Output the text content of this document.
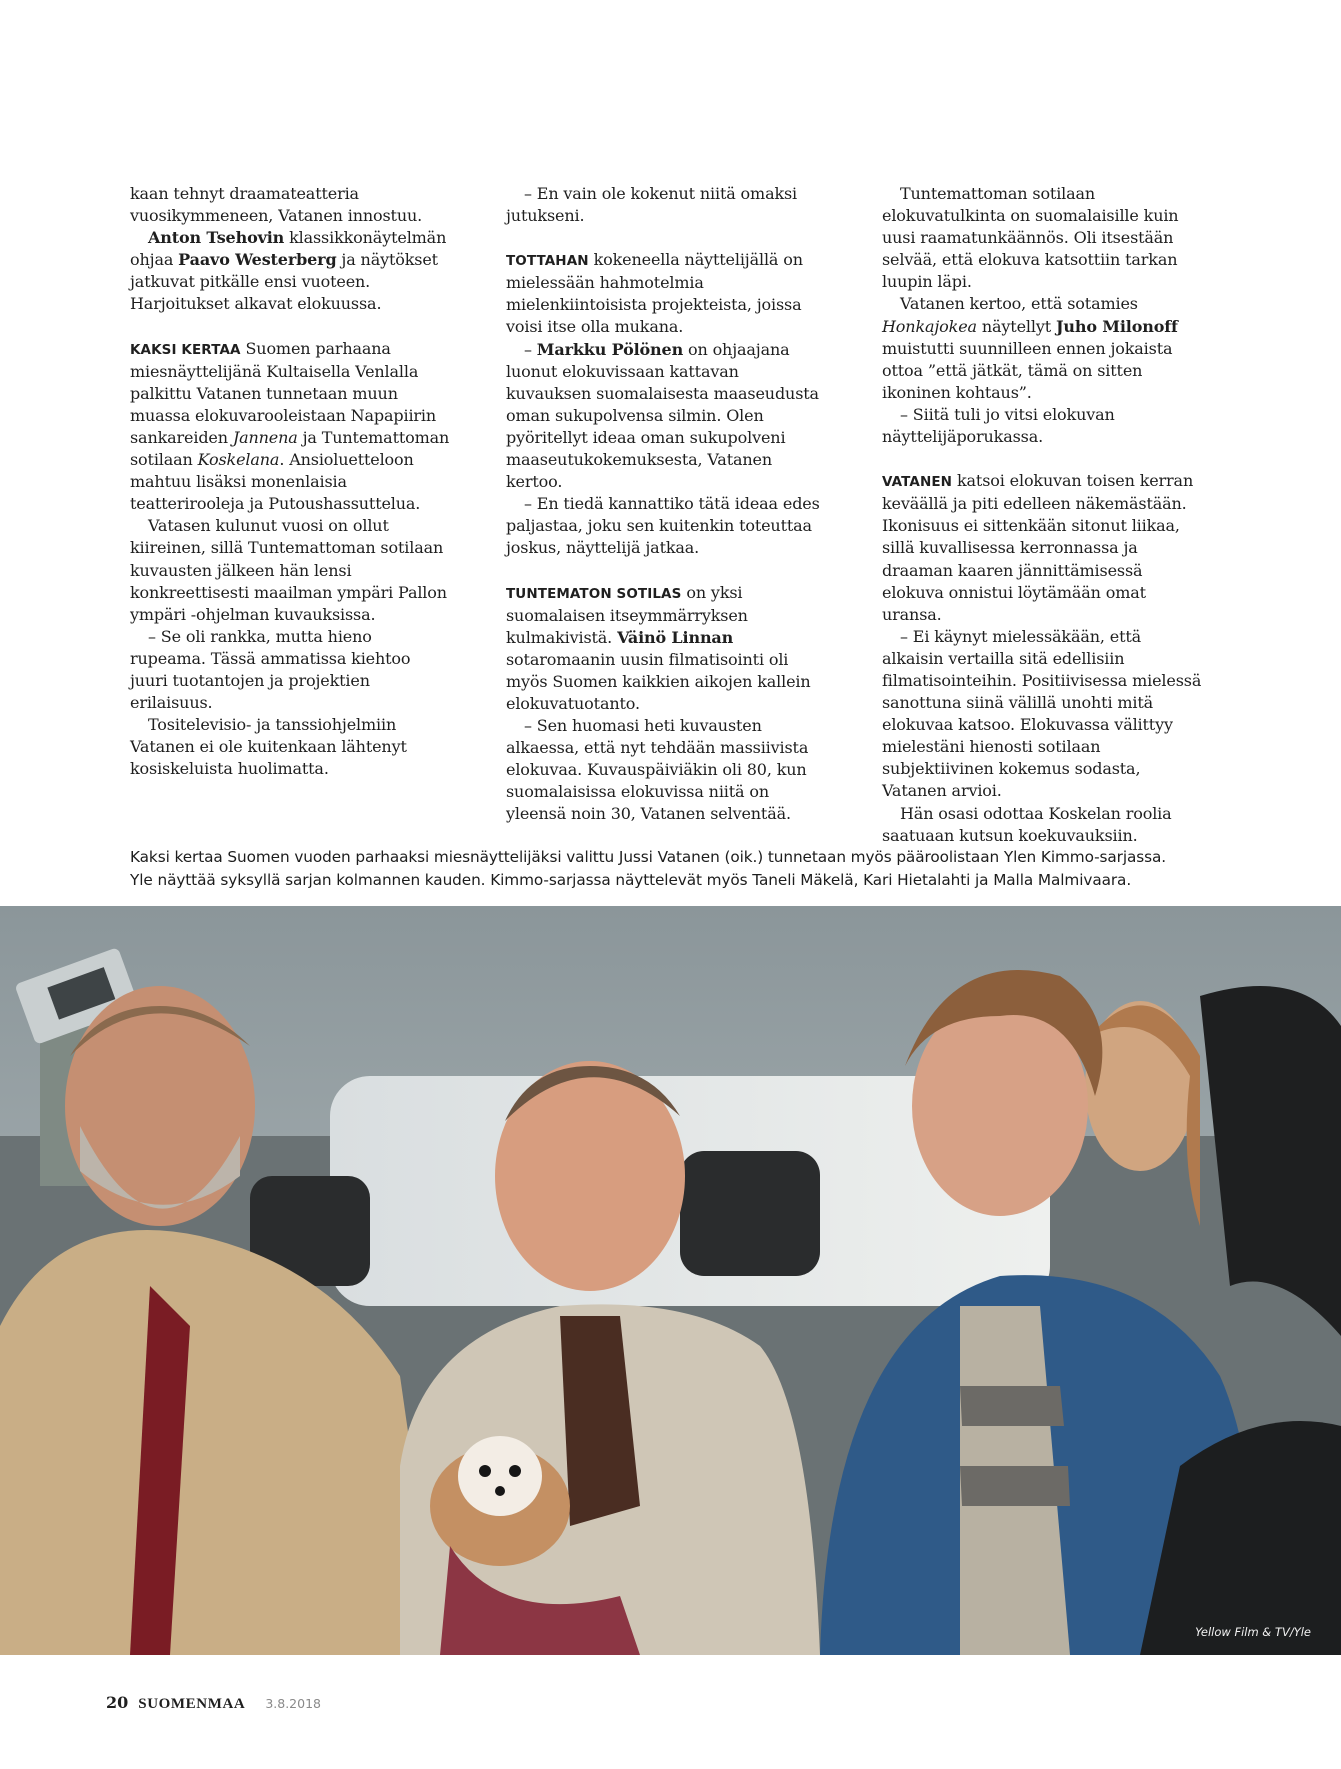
kaan tehnyt draamateatteria vuosikymmeneen, Vatanen innostuu.

Anton Tsehovin klassikkonäytelmän ohjaa Paavo Westerberg ja näytökset jatkuvat pitkälle ensi vuoteen. Harjoitukset alkavat elokuussa.

KAKSI KERTAA Suomen parhaana miesnäyttelijänä Kultaisella Venlalla palkittu Vatanen tunnetaan muun muassa elokuvarooleistaan Napapiirin sankareiden Jannena ja Tuntemattoman sotilaan Koskelana. Ansioluetteloon mahtuu lisäksi monenlaisia teatterirooleja ja Putoushassuttelua.

Vatasen kulunut vuosi on ollut kiireinen, sillä Tuntemattoman sotilaan kuvausten jälkeen hän lensi konkreettisesti maailman ympäri Pallon ympäri -ohjelman kuvauksissa.

– Se oli rankka, mutta hieno rupeama. Tässä ammatissa kiehtoo juuri tuotantojen ja projektien erilaisuus.

Tositelevisio- ja tanssiohjelmiin Vatanen ei ole kuitenkaan lähtenyt kosiskeluista huolimatta.

– En vain ole kokenut niitä omaksi jutukseni.

TOTTAHAN kokeneella näyttelijällä on mielessään hahmotelmia mielenkiintoisista projekteista, joissa voisi itse olla mukana.

– Markku Pölönen on ohjaajana luonut elokuvissaan kattavan kuvauksen suomalaisesta maaseudusta oman sukupolvensa silmin. Olen pyöritellyt ideaa oman sukupolveni maaseutukokemuksesta, Vatanen kertoo.

– En tiedä kannattiko tätä ideaa edes paljastaa, joku sen kuitenkin toteuttaa joskus, näyttelijä jatkaa.

TUNTEMATON SOTILAS on yksi suomalaisen itseymmärryksen kulmakivistä. Väinö Linnan sotaromaanin uusin filmatisointi oli myös Suomen kaikkien aikojen kallein elokuvatuotanto.

– Sen huomasi heti kuvausten alkaessa, että nyt tehdään massiivista elokuvaa. Kuvauspäiviäkin oli 80, kun suomalaisissa elokuvissa niitä on yleensä noin 30, Vatanen selventää.

Tuntemattoman sotilaan elokuvatulkinta on suomalaisille kuin uusi raamatunkäännös. Oli itsestään selvää, että elokuva katsottiin tarkan luupin läpi.

Vatanen kertoo, että sotamies Honkajokea näytellyt Juho Milonoff muistutti suunnilleen ennen jokaista ottoa ”että jätkät, tämä on sitten ikoninen kohtaus”.

– Siitä tuli jo vitsi elokuvan näyttelijäporukassa.

VATANEN katsoi elokuvan toisen kerran keväällä ja piti edelleen näkemästään. Ikonisuus ei sittenkään sitonut liikaa, sillä kuvallisessa kerronnassa ja draaman kaaren jännittämisessä elokuva onnistui löytämään omat uransa.

– Ei käynyt mielessäkään, että alkaisin vertailla sitä edellisiin filmatisointeihin. Positiivisessa mielessä sanottuna siinä välillä unohti mitä elokuvaa katsoo. Elokuvassa välittyy mielestäni hienosti sotilaan subjektiivinen kokemus sodasta, Vatanen arvioi.

Hän osasi odottaa Koskelan roolia saatuaan kutsun koekuvauksiin.

Kaksi kertaa Suomen vuoden parhaaksi miesnäyttelijäksi valittu Jussi Vatanen (oik.) tunnetaan myös pääroolistaan Ylen Kimmo-sarjassa.
Yle näyttää syksyllä sarjan kolmannen kauden. Kimmo-sarjassa näyttelevät myös Taneli Mäkelä, Kari Hietalahti ja Malla Malmivaara.
Yellow Film & TV/Yle
20 SUOMENMAA 3.8.2018
